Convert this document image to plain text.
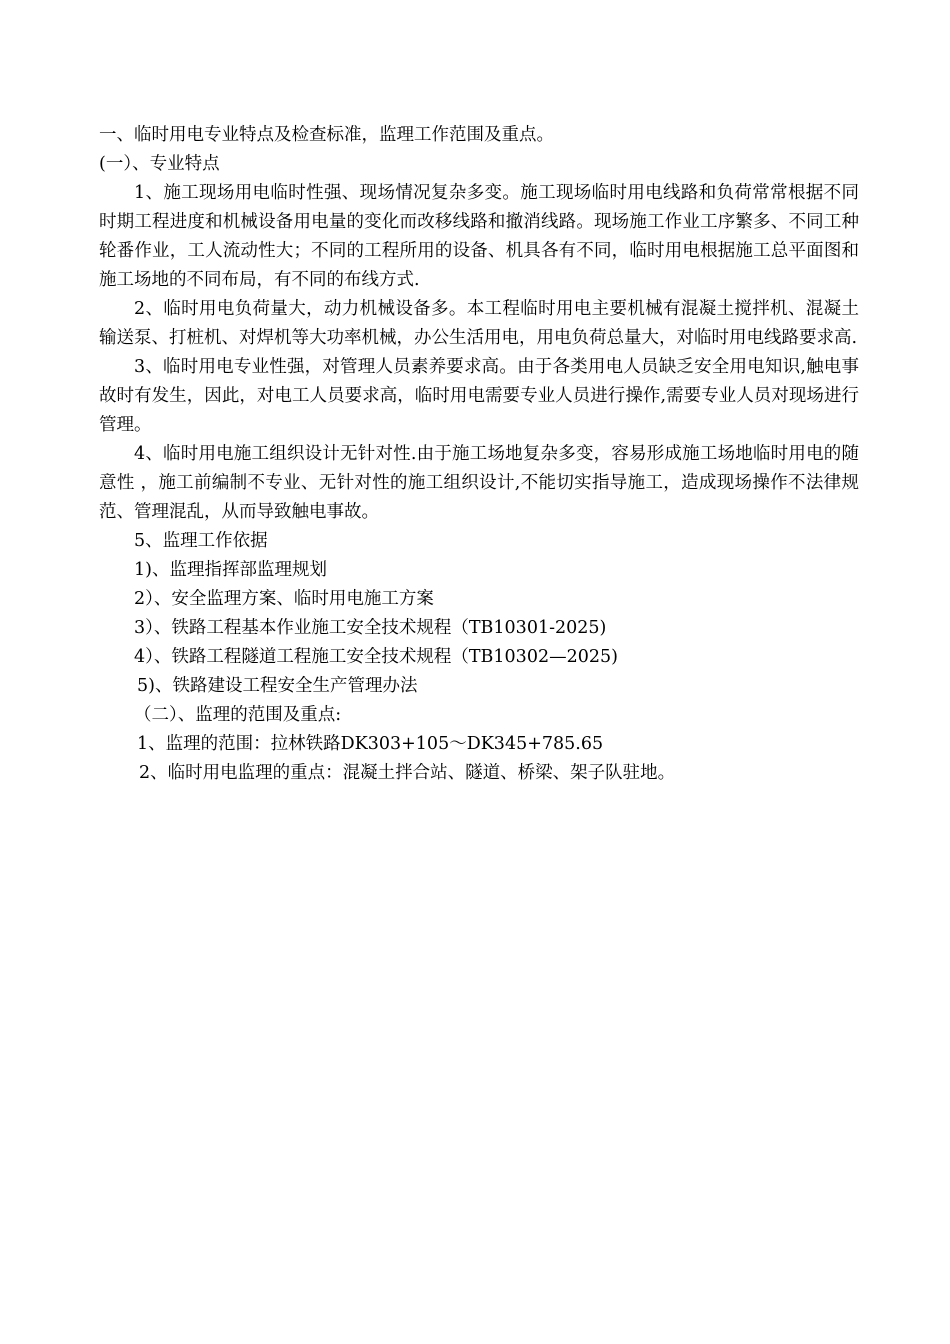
一、临时用电专业特点及检查标准，监理工作范围及重点。
(一）、专业特点
1、施工现场用电临时性强、现场情况复杂多变。施工现场临时用电线路和负荷常常根据不同时期工程进度和机械设备用电量的变化而改移线路和撤消线路。现场施工作业工序繁多、不同工种轮番作业，工人流动性大；不同的工程所用的设备、机具各有不同，临时用电根据施工总平面图和施工场地的不同布局，有不同的布线方式.
2、临时用电负荷量大，动力机械设备多。本工程临时用电主要机械有混凝土搅拌机、混凝土输送泵、打桩机、对焊机等大功率机械，办公生活用电，用电负荷总量大，对临时用电线路要求高.
3、临时用电专业性强，对管理人员素养要求高。由于各类用电人员缺乏安全用电知识,触电事故时有发生，因此，对电工人员要求高，临时用电需要专业人员进行操作,需要专业人员对现场进行管理。
4、临时用电施工组织设计无针对性.由于施工场地复杂多变，容易形成施工场地临时用电的随意性 ，施工前编制不专业、无针对性的施工组织设计,不能切实指导施工，造成现场操作不法律规范、管理混乱，从而导致触电事故。
5、监理工作依据
1)、监理指挥部监理规划
2）、安全监理方案、临时用电施工方案
3）、铁路工程基本作业施工安全技术规程（TB10301-2025)
4）、铁路工程隧道工程施工安全技术规程（TB10302—2025)
5)、铁路建设工程安全生产管理办法
（二）、监理的范围及重点:
1、监理的范围：拉林铁路DK303+105～DK345+785.65
2、临时用电监理的重点：混凝土拌合站、隧道、桥梁、架子队驻地。
